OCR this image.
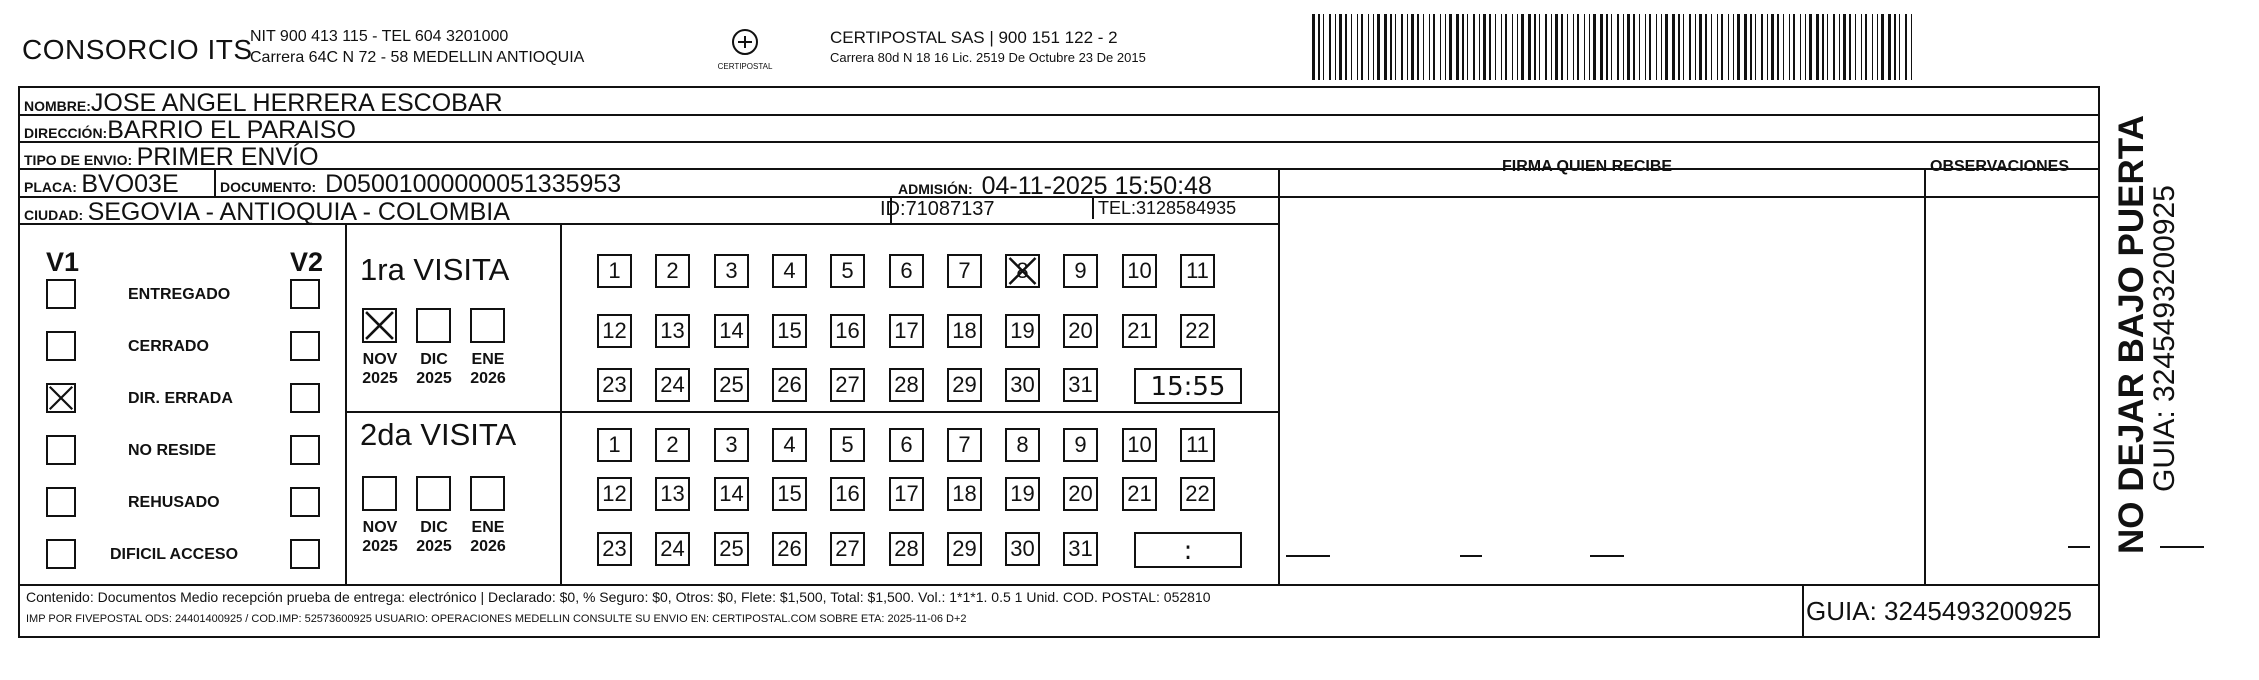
CONSORCIO ITS
NIT 900 413 115 - TEL 604 3201000
Carrera 64C N 72 - 58 MEDELLIN ANTIOQUIA
CERTIPOSTAL
CERTIPOSTAL SAS | 900 151 122 - 2
Carrera 80d N 18 16 Lic. 2519 De Octubre 23 De 2015
NOMBRE:JOSE ANGEL HERRERA ESCOBAR
DIRECCIÓN:BARRIO EL PARAISO
TIPO DE ENVIO: PRIMER ENVÍO
PLACA: BVO03E	DOCUMENTO: D05001000000051335953	ADMISIÓN: 04-11-2025 15:50:48
CIUDAD: SEGOVIA - ANTIOQUIA - COLOMBIA	ID:71087137	TEL:3128584935
FIRMA QUIEN RECIBE	OBSERVACIONES
V1	V2
ENTREGADO
CERRADO
DIR. ERRADA
NO RESIDE
REHUSADO
DIFICIL ACCESO
1ra VISITA
2da VISITA
NOV
2025
DIC
2025
ENE
2026
NOV
2025
DIC
2025
ENE
2026
1	2	3	4	5	6	7	8	9	10 11
12 13 14 15 16 17 18 19 20 21 22
23 24 25 26 27 28 29 30 31	15:55
1	2	3	4	5	6	7	8	9	10 11
12 13 14 15 16 17 18 19 20 21 22
23 24 25 26 27 28 29 30 31	:
Contenido: Documentos Medio recepción prueba de entrega: electrónico | Declarado: $0, % Seguro: $0, Otros: $0, Flete: $1,500, Total: $1,500. Vol.: 1*1*1. 0.5 1 Unid. COD. POSTAL: 052810
IMP POR FIVEPOSTAL ODS: 24401400925 / COD.IMP: 52573600925 USUARIO: OPERACIONES MEDELLIN CONSULTE SU ENVIO EN: CERTIPOSTAL.COM SOBRE ETA: 2025-11-06 D+2	GUIA: 3245493200925
NO DEJAR BAJO PUERTA
GUIA: 3245493200925
